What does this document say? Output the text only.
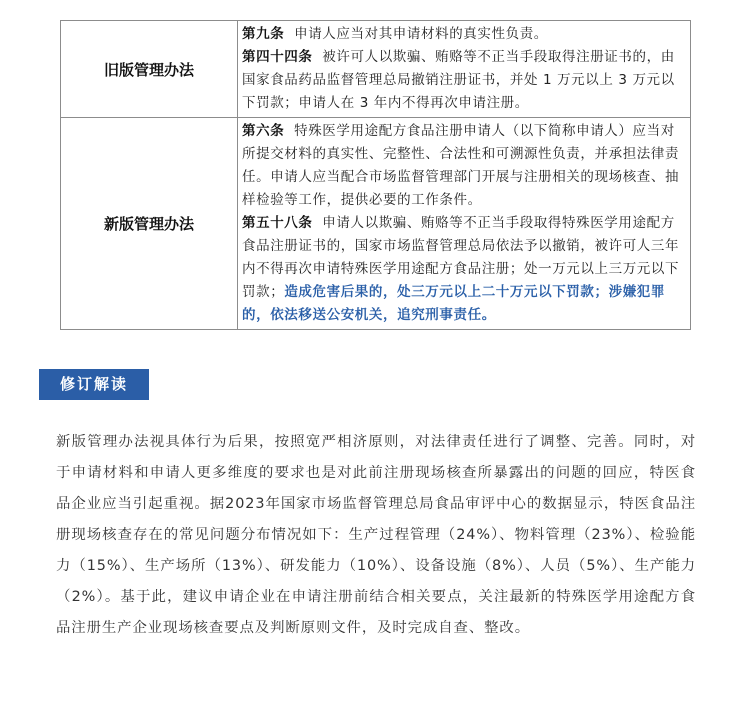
旧版管理办法	第九条 申请人应当对其申请材料的真实性负责。

第四十四条 被许可人以欺骗、贿赂等不正当手段取得注册证书的，由国家食品药品监督管理总局撤销注册证书，并处 1 万元以上 3 万元以下罚款；申请人在 3 年内不得再次申请注册。

新版管理办法	第六条 特殊医学用途配方食品注册申请人（以下简称申请人）应当对所提交材料的真实性、完整性、合法性和可溯源性负责，并承担法律责任。申请人应当配合市场监督管理部门开展与注册相关的现场核查、抽样检验等工作，提供必要的工作条件。

第五十八条 申请人以欺骗、贿赂等不正当手段取得特殊医学用途配方食品注册证书的，国家市场监督管理总局依法予以撤销，被许可人三年内不得再次申请特殊医学用途配方食品注册；处一万元以上三万元以下罚款；造成危害后果的，处三万元以上二十万元以下罚款；涉嫌犯罪的，依法移送公安机关，追究刑事责任。

修订解读

新版管理办法视具体行为后果，按照宽严相济原则，对法律责任进行了调整、完善。同时，对于申请材料和申请人更多维度的要求也是对此前注册现场核查所暴露出的问题的回应，特医食品企业应当引起重视。据2023年国家市场监督管理总局食品审评中心的数据显示，特医食品注册现场核查存在的常见问题分布情况如下：生产过程管理（24%）、物料管理（23%）、检验能力（15%）、生产场所（13%）、研发能力（10%）、设备设施（8%）、人员（5%）、生产能力（2%）。基于此，建议申请企业在申请注册前结合相关要点，关注最新的特殊医学用途配方食品注册生产企业现场核查要点及判断原则文件，及时完成自查、整改。
